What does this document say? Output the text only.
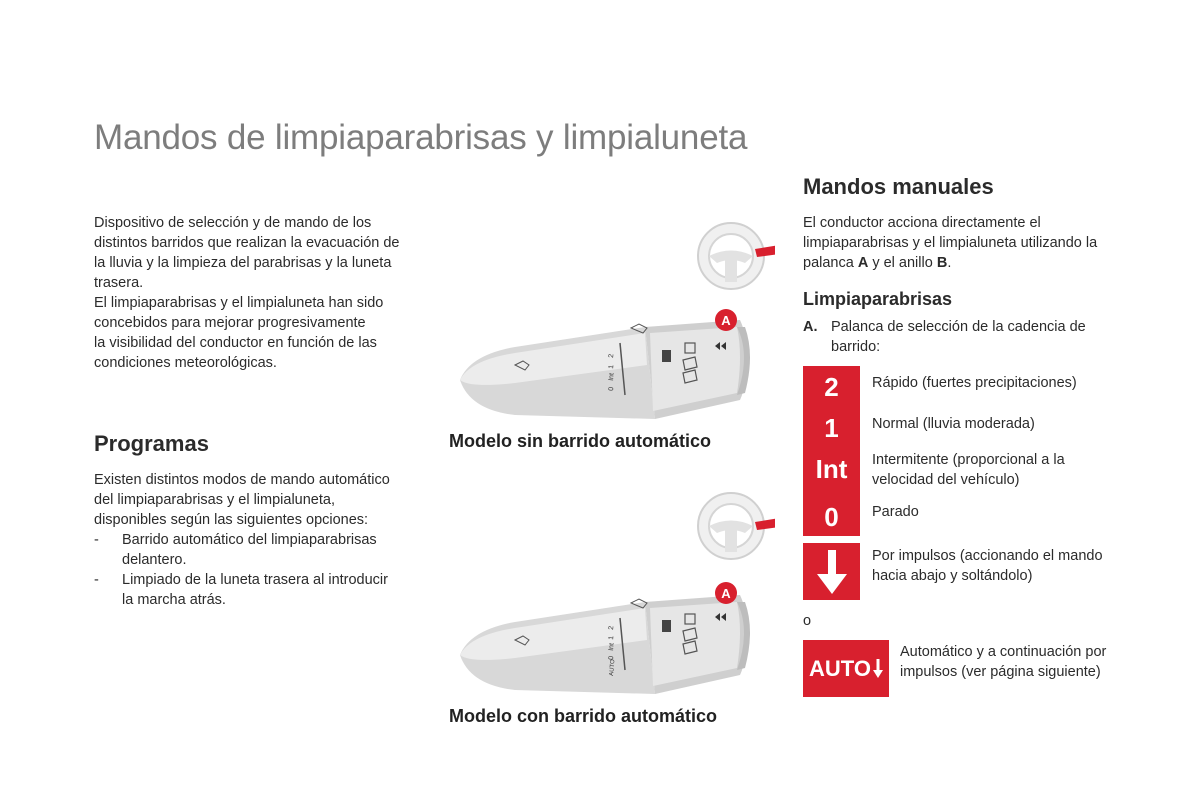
Mandos de limpiaparabrisas y limpialuneta
Dispositivo de selección y de mando de los
distintos barridos que realizan la evacuación de
la lluvia y la limpieza del parabrisas y la luneta
trasera.
El limpiaparabrisas y el limpialuneta han sido
concebidos para mejorar progresivamente
la visibilidad del conductor en función de las
condiciones meteorológicas.
Programas
Existen distintos modos de mando automático
del limpiaparabrisas y el limpialuneta,
disponibles según las siguientes opciones:
- Barrido automático del limpiaparabrisas
delantero.
- Limpiado de la luneta trasera al introducir
la marcha atrás.
2
1
Int
0
A
Modelo sin barrido automático
2
1
Int
0
AUTO
A
Modelo con barrido automático
Mandos manuales
El conductor acciona directamente el
limpiaparabrisas y el limpialuneta utilizando la
palanca A y el anillo B.
Limpiaparabrisas
A. Palanca de selección de la cadencia de
barrido:
2
1
Int
0
Rápido (fuertes precipitaciones)
Normal (lluvia moderada)
Intermitente (proporcional a la
velocidad del vehículo)
Parado
Por impulsos (accionando el mando
hacia abajo y soltándolo)
o
AUTO
Automático y a continuación por
impulsos (ver página siguiente)
